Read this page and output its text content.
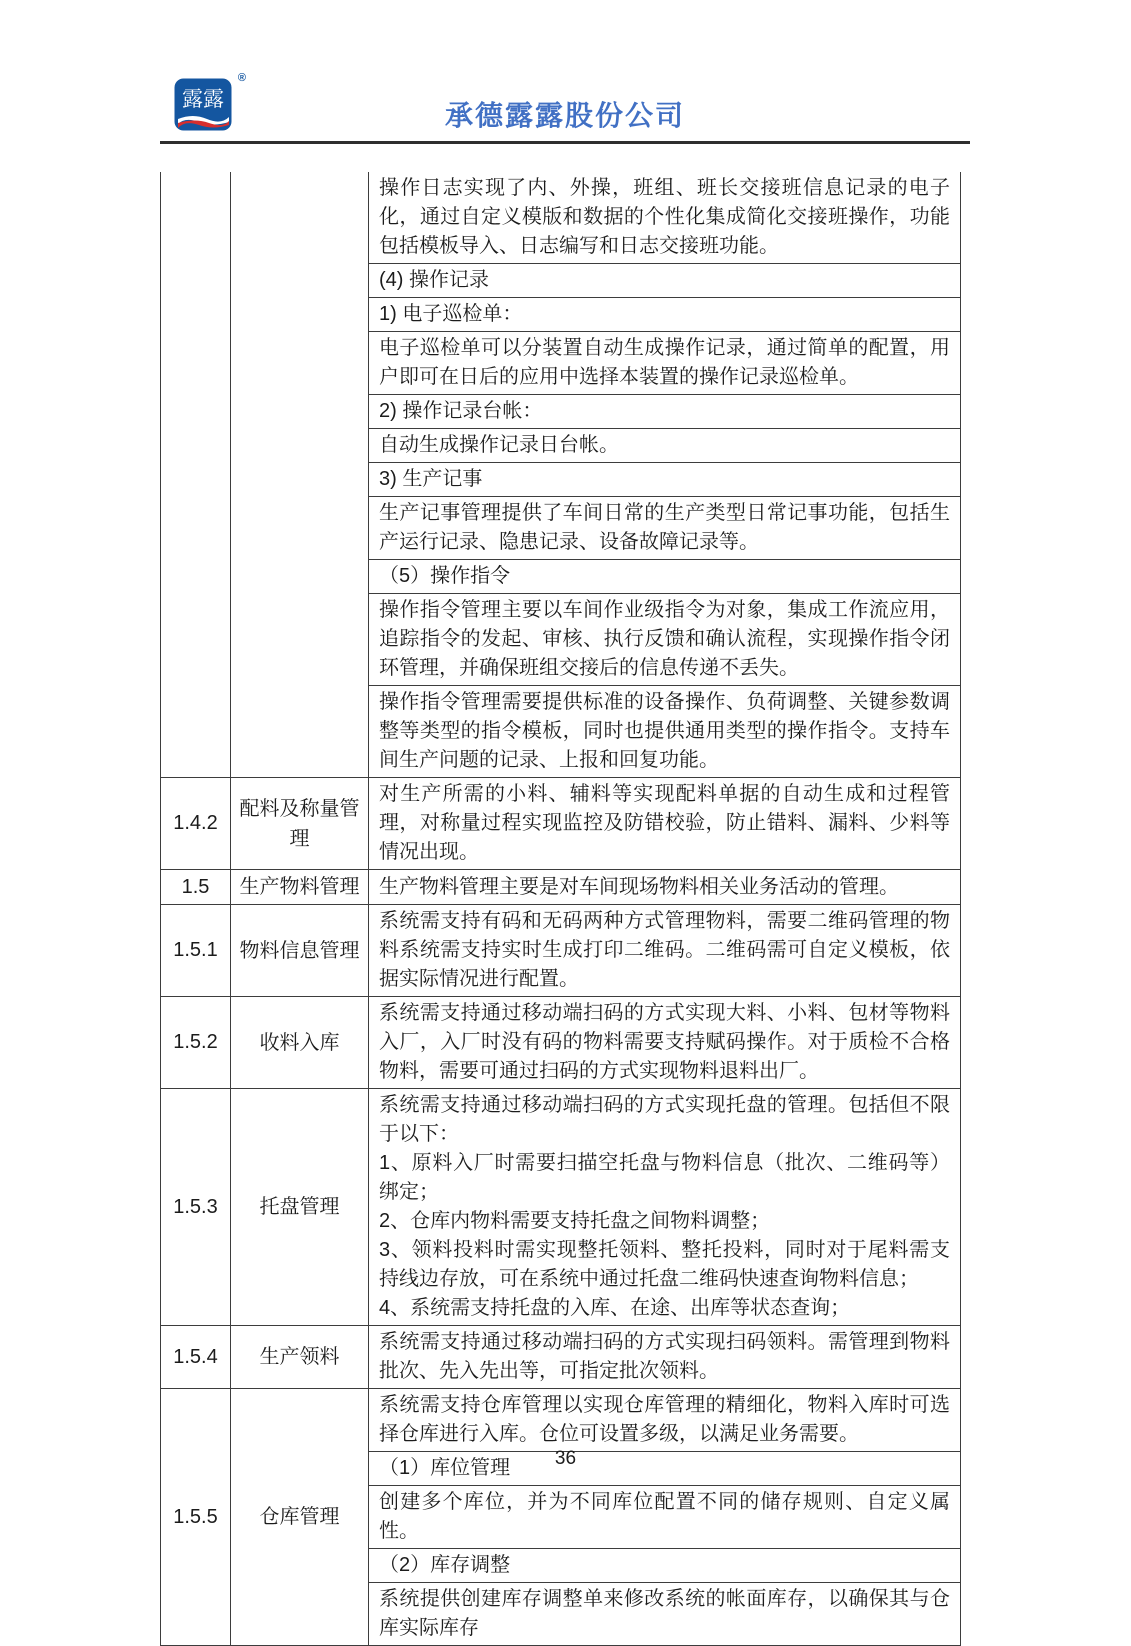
露露
®
承德露露股份公司

		操作日志实现了内、外操，班组、班长交接班信息记录的电子化，通过自定义模版和数据的个性化集成简化交接班操作，功能包括模板导入、日志编写和日志交接班功能。

		(4) 操作记录

		1) 电子巡检单：

		电子巡检单可以分装置自动生成操作记录，通过简单的配置，用户即可在日后的应用中选择本装置的操作记录巡检单。

		2) 操作记录台帐：

		自动生成操作记录日台帐。

		3) 生产记事

		生产记事管理提供了车间日常的生产类型日常记事功能，包括生产运行记录、隐患记录、设备故障记录等。

		（5）操作指令

		操作指令管理主要以车间作业级指令为对象，集成工作流应用，追踪指令的发起、审核、执行反馈和确认流程，实现操作指令闭环管理，并确保班组交接后的信息传递不丢失。

		操作指令管理需要提供标准的设备操作、负荷调整、关键参数调整等类型的指令模板，同时也提供通用类型的操作指令。支持车间生产问题的记录、上报和回复功能。

1.4.2	配料及称量管理	对生产所需的小料、辅料等实现配料单据的自动生成和过程管理，对称量过程实现监控及防错校验，防止错料、漏料、少料等情况出现。

1.5	生产物料管理	生产物料管理主要是对车间现场物料相关业务活动的管理。

1.5.1	物料信息管理	系统需支持有码和无码两种方式管理物料，需要二维码管理的物料系统需支持实时生成打印二维码。二维码需可自定义模板，依据实际情况进行配置。

1.5.2	收料入库	系统需支持通过移动端扫码的方式实现大料、小料、包材等物料入厂，入厂时没有码的物料需要支持赋码操作。对于质检不合格物料，需要可通过扫码的方式实现物料退料出厂。

1.5.3	托盘管理	系统需支持通过移动端扫码的方式实现托盘的管理。包括但不限于以下：
1、原料入厂时需要扫描空托盘与物料信息（批次、二维码等）绑定；
2、仓库内物料需要支持托盘之间物料调整；
3、领料投料时需实现整托领料、整托投料，同时对于尾料需支持线边存放，可在系统中通过托盘二维码快速查询物料信息；
4、系统需支持托盘的入库、在途、出库等状态查询；

1.5.4	生产领料	系统需支持通过移动端扫码的方式实现扫码领料。需管理到物料批次、先入先出等，可指定批次领料。

1.5.5	仓库管理	系统需支持仓库管理以实现仓库管理的精细化，物料入库时可选择仓库进行入库。仓位可设置多级，以满足业务需要。

		（1）库位管理

		创建多个库位，并为不同库位配置不同的储存规则、自定义属性。

		（2）库存调整

		系统提供创建库存调整单来修改系统的帐面库存，以确保其与仓库实际库存
36
